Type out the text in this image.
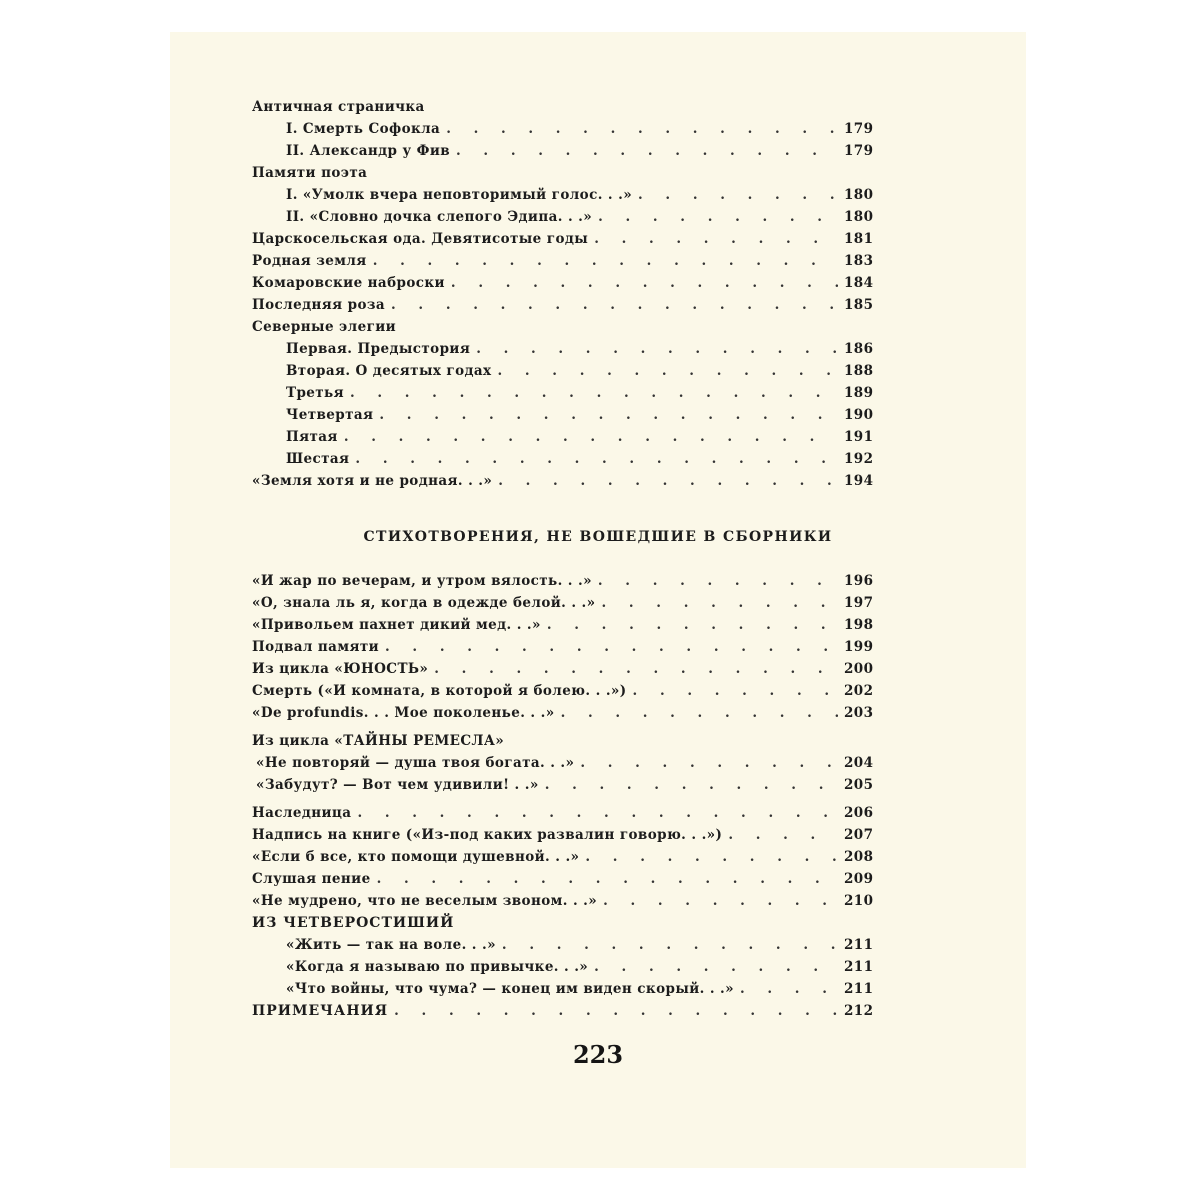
Античная страничка
I. Смерть Софокла . . .	179
II. Александр у Фив . . .	179
Памяти поэта
I. «Умолк вчера неповторимый голос. . .» . . .	180
II. «Словно дочка слепого Эдипа. . .» . . .	180
Царскосельская ода. Девятисотые годы . . .	181
Родная земля . . .	183
Комаровские наброски . . .	184
Последняя роза . . .	185
Северные элегии
Первая. Предыстория . . .	186
Вторая. О десятых годах . . .	188
Третья . . .	189
Четвертая . . .	190
Пятая . . .	191
Шестая . . .	192
«Земля хотя и не родная. . .» . . .	194
СТИХОТВОРЕНИЯ, НЕ ВОШЕДШИЕ В СБОРНИКИ
«И жар по вечерам, и утром вялость. . .» . . .	196
«О, знала ль я, когда в одежде белой. . .» . . .	197
«Привольем пахнет дикий мед. . .» . . .	198
Подвал памяти . . .	199
Из цикла «ЮНОСТЬ» . . .	200
Смерть («И комната, в которой я болею. . .») . . .	202
«De profundis. . . Мое поколенье. . .» . . .	203
Из цикла «ТАЙНЫ РЕМЕСЛА»
«Не повторяй — душа твоя богата. . .» . . .	204
«Забудут? — Вот чем удивили! . .» . . .	205
Наследница . . .	206
Надпись на книге («Из-под каких развалин говорю. . .») . . .	207
«Если б все, кто помощи душевной. . .» . . .	208
Слушая пение . . .	209
«Не мудрено, что не веселым звоном. . .» . . .	210
ИЗ ЧЕТВЕРОСТИШИЙ
«Жить — так на воле. . .» . . .	211
«Когда я называю по привычке. . .» . . .	211
«Что войны, что чума? — конец им виден скорый. . .» . . .	211
ПРИМЕЧАНИЯ . . .	212
223
